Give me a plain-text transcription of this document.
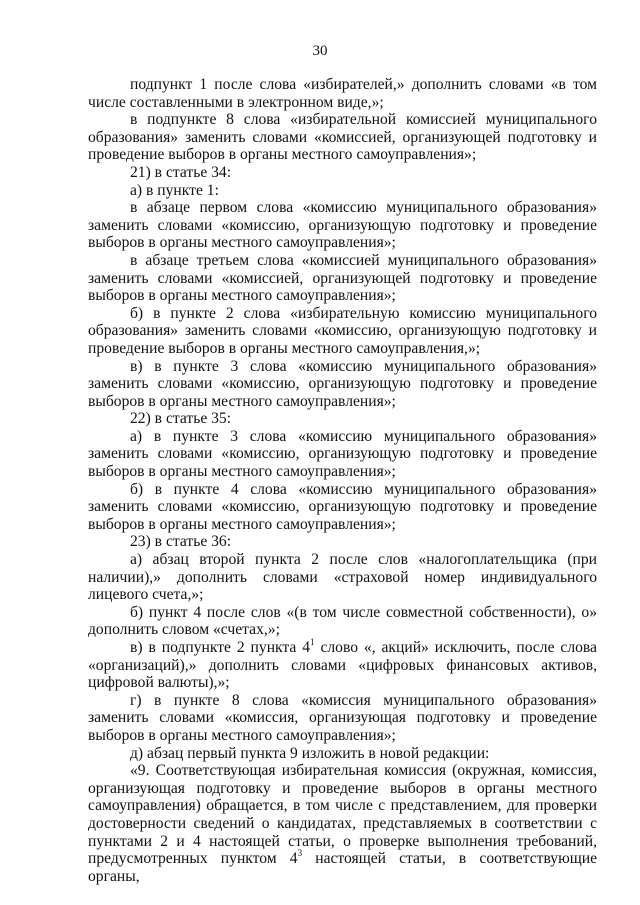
30

подпункт 1 после слова «избирателей,» дополнить словами «в том числе составленными в электронном виде,»;

в подпункте 8 слова «избирательной комиссией муниципального образования» заменить словами «комиссией, организующей подготовку и проведение выборов в органы местного самоуправления»;

21) в статье 34:

а) в пункте 1:

в абзаце первом слова «комиссию муниципального образования» заменить словами «комиссию, организующую подготовку и проведение выборов в органы местного самоуправления»;

в абзаце третьем слова «комиссией муниципального образования» заменить словами «комиссией, организующей подготовку и проведение выборов в органы местного самоуправления»;

б) в пункте 2 слова «избирательную комиссию муниципального образования» заменить словами «комиссию, организующую подготовку и проведение выборов в органы местного самоуправления,»;

в) в пункте 3 слова «комиссию муниципального образования» заменить словами «комиссию, организующую подготовку и проведение выборов в органы местного самоуправления»;

22) в статье 35:

а) в пункте 3 слова «комиссию муниципального образования» заменить словами «комиссию, организующую подготовку и проведение выборов в органы местного самоуправления»;

б) в пункте 4 слова «комиссию муниципального образования» заменить словами «комиссию, организующую подготовку и проведение выборов в органы местного самоуправления»;

23) в статье 36:

а) абзац второй пункта 2 после слов «налогоплательщика (при наличии),» дополнить словами «страховой номер индивидуального лицевого счета,»;

б) пункт 4 после слов «(в том числе совместной собственности), о» дополнить словом «счетах,»;

в) в подпункте 2 пункта $4^1$ слово «, акций» исключить, после слова «организаций),» дополнить словами «цифровых финансовых активов, цифровой валюты),»;

г) в пункте 8 слова «комиссия муниципального образования» заменить словами «комиссия, организующая подготовку и проведение выборов в органы местного самоуправления»;

д) абзац первый пункта 9 изложить в новой редакции:

«9. Соответствующая избирательная комиссия (окружная, комиссия, организующая подготовку и проведение выборов в органы местного самоуправления) обращается, в том числе с представлением, для проверки достоверности сведений о кандидатах, представляемых в соответствии с пунктами 2 и 4 настоящей статьи, о проверке выполнения требований, предусмотренных пунктом $4^3$ настоящей статьи, в соответствующие органы,
